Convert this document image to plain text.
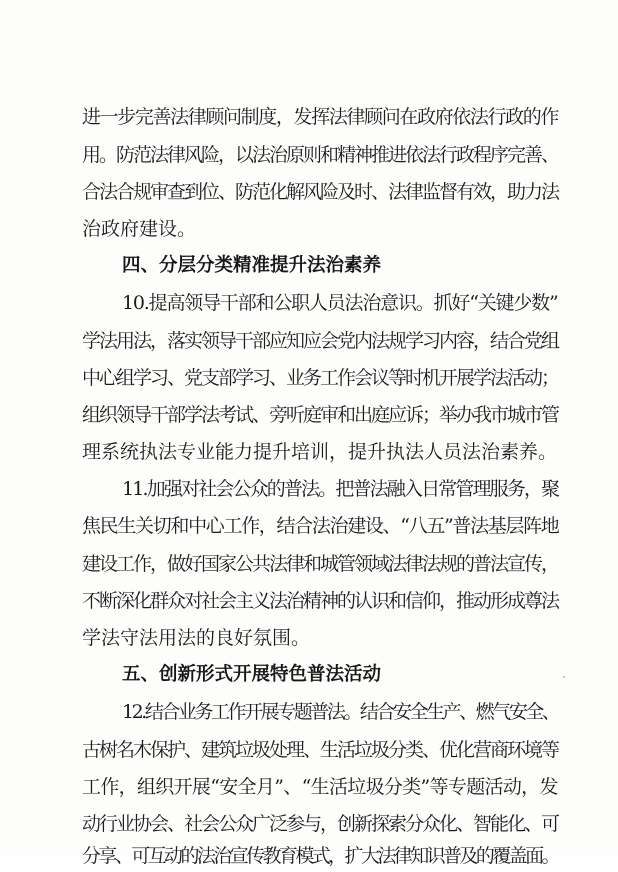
进一步完善法律顾问制度，发挥法律顾问在政府依法行政的作
用。防范法律风险，以法治原则和精神推进依法行政程序完善、
合法合规审查到位、防范化解风险及时、法律监督有效，助力法
治政府建设。
四、分层分类精准提升法治素养
10.提高领导干部和公职人员法治意识。抓好“关键少数”
学法用法，落实领导干部应知应会党内法规学习内容，结合党组
中心组学习、党支部学习、业务工作会议等时机开展学法活动；
组织领导干部学法考试、旁听庭审和出庭应诉；举办我市城市管
理系统执法专业能力提升培训，提升执法人员法治素养。
11.加强对社会公众的普法。把普法融入日常管理服务，聚
焦民生关切和中心工作，结合法治建设、“八五”普法基层阵地
建设工作，做好国家公共法律和城管领域法律法规的普法宣传，
不断深化群众对社会主义法治精神的认识和信仰，推动形成尊法
学法守法用法的良好氛围。
五、创新形式开展特色普法活动
12.结合业务工作开展专题普法。结合安全生产、燃气安全、
古树名木保护、建筑垃圾处理、生活垃圾分类、优化营商环境等
工作，组织开展“安全月”、“生活垃圾分类”等专题活动，发
动行业协会、社会公众广泛参与，创新探索分众化、智能化、可
分享、可互动的法治宣传教育模式，扩大法律知识普及的覆盖面。
